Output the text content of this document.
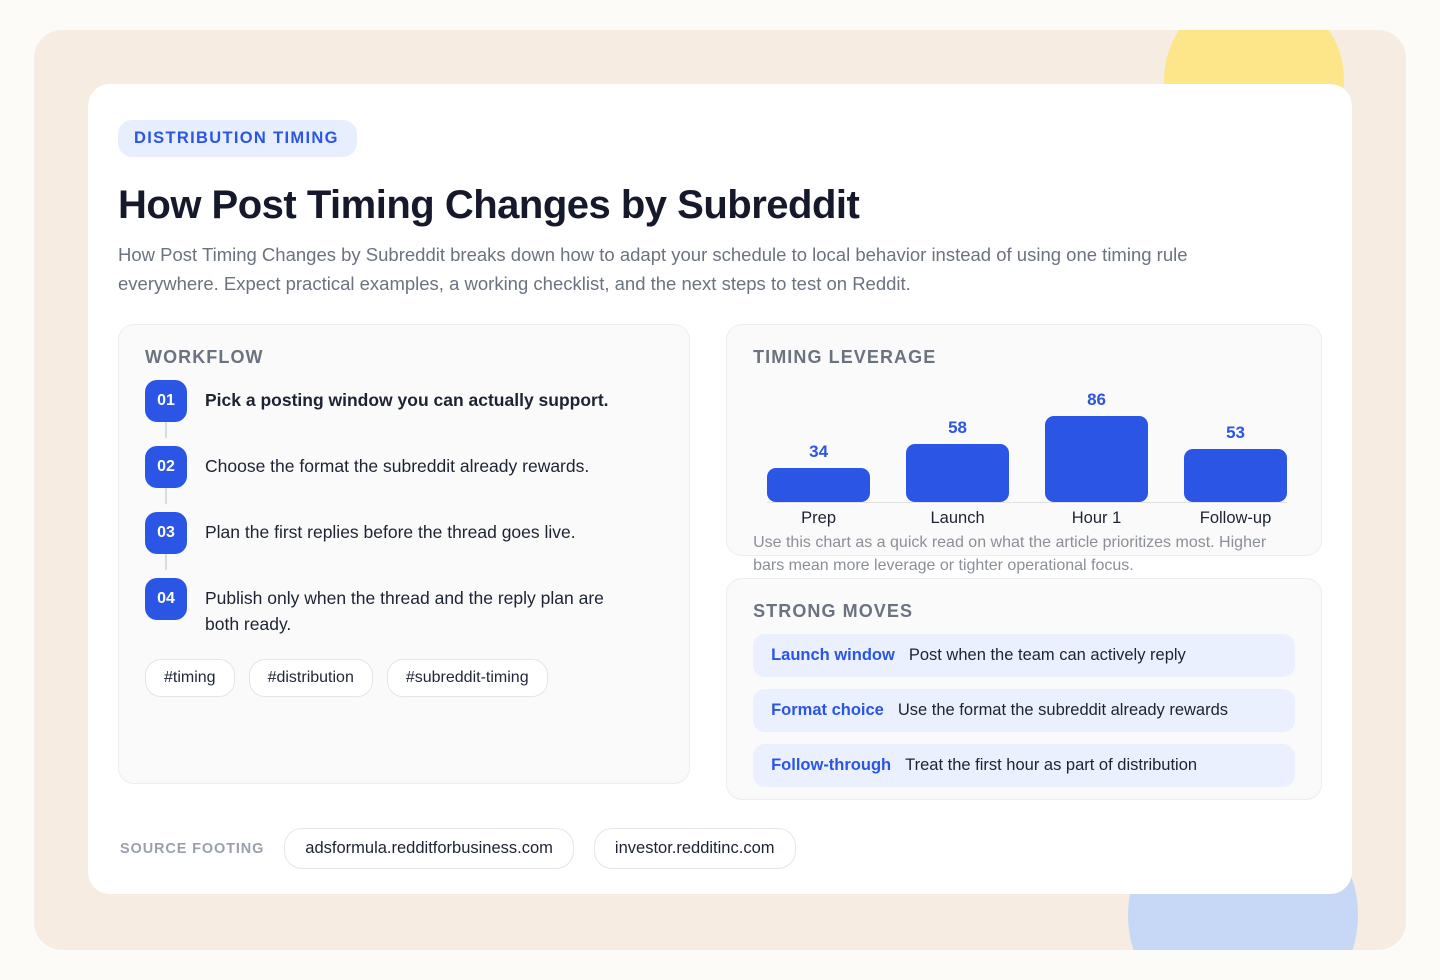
DISTRIBUTION TIMING
How Post Timing Changes by Subreddit

How Post Timing Changes by Subreddit breaks down how to adapt your schedule to local behavior instead of using one timing rule everywhere. Expect practical examples, a working checklist, and the next steps to test on Reddit.

WORKFLOW
01	Pick a posting window you can actually support.
02	Choose the format the subreddit already rewards.
03	Plan the first replies before the thread goes live.
04	Publish only when the thread and the reply plan are both ready.
#timing	#distribution	#subreddit-timing
TIMING LEVERAGE
34
58
86
53
Prep	Launch	Hour 1	Follow-up
Use this chart as a quick read on what the article prioritizes most. Higher bars mean more leverage or tighter operational focus.
STRONG MOVES
Launch window Post when the team can actively reply
Format choice Use the format the subreddit already rewards
Follow-through Treat the first hour as part of distribution
SOURCE FOOTING	adsformula.redditforbusiness.com	investor.redditinc.com
